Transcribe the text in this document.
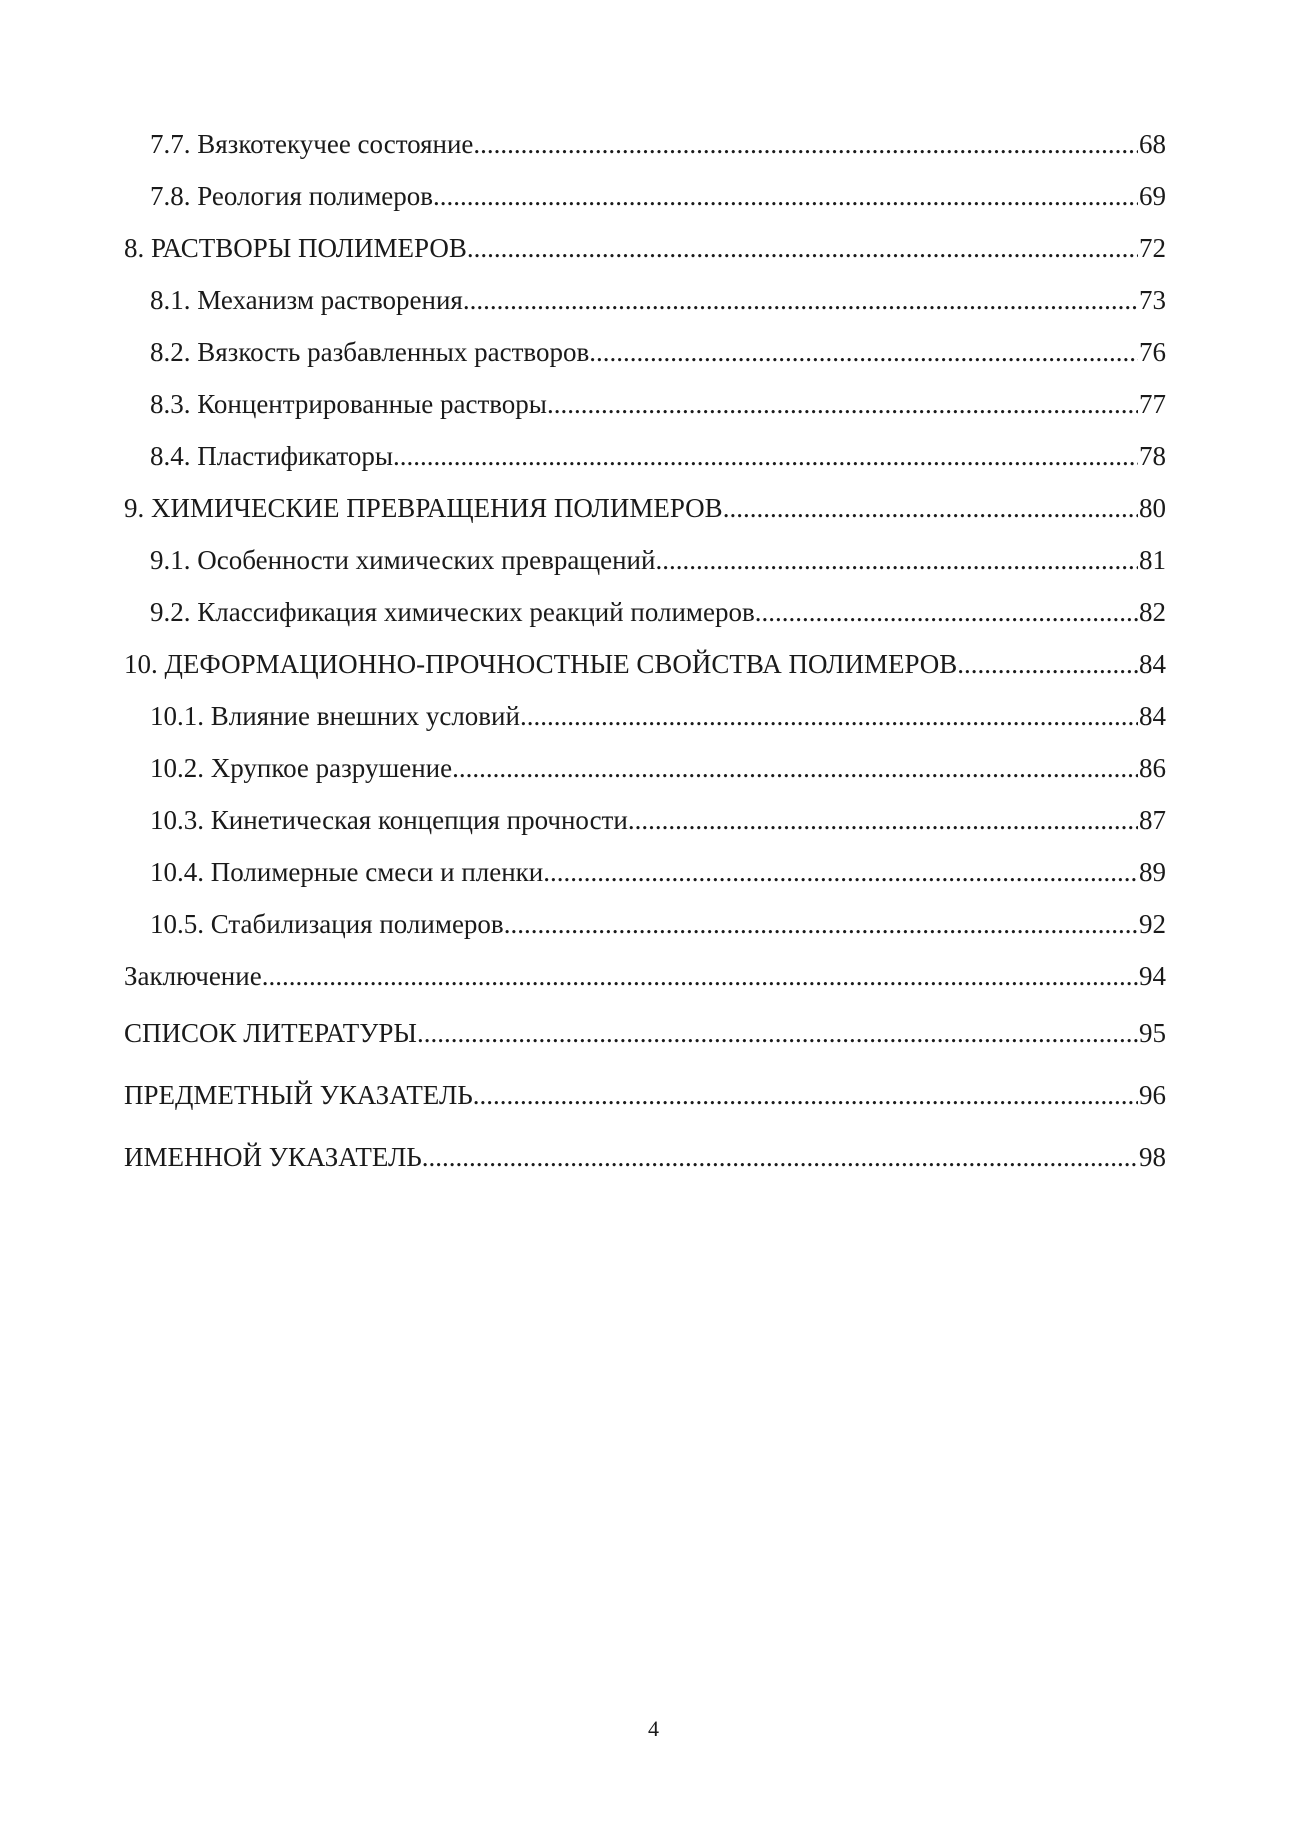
7.7. Вязкотекучее состояние .....	68
7.8. Реология полимеров .....	69
8. РАСТВОРЫ ПОЛИМЕРОВ .....	72
8.1. Механизм растворения .....	73
8.2. Вязкость разбавленных растворов .....	76
8.3. Концентрированные растворы .....	77
8.4. Пластификаторы .....	78
9. ХИМИЧЕСКИЕ ПРЕВРАЩЕНИЯ ПОЛИМЕРОВ .....	80
9.1. Особенности химических превращений .....	81
9.2. Классификация химических реакций полимеров .....	82
10. ДЕФОРМАЦИОННО-ПРОЧНОСТНЫЕ СВОЙСТВА ПОЛИМЕРОВ .....	84
10.1. Влияние внешних условий .....	84
10.2. Хрупкое разрушение .....	86
10.3. Кинетическая концепция прочности .....	87
10.4. Полимерные смеси и пленки .....	89
10.5. Стабилизация полимеров .....	92
Заключение .....	94
СПИСОК ЛИТЕРАТУРЫ .....	95
ПРЕДМЕТНЫЙ УКАЗАТЕЛЬ .....	96
ИМЕННОЙ УКАЗАТЕЛЬ .....	98
4
